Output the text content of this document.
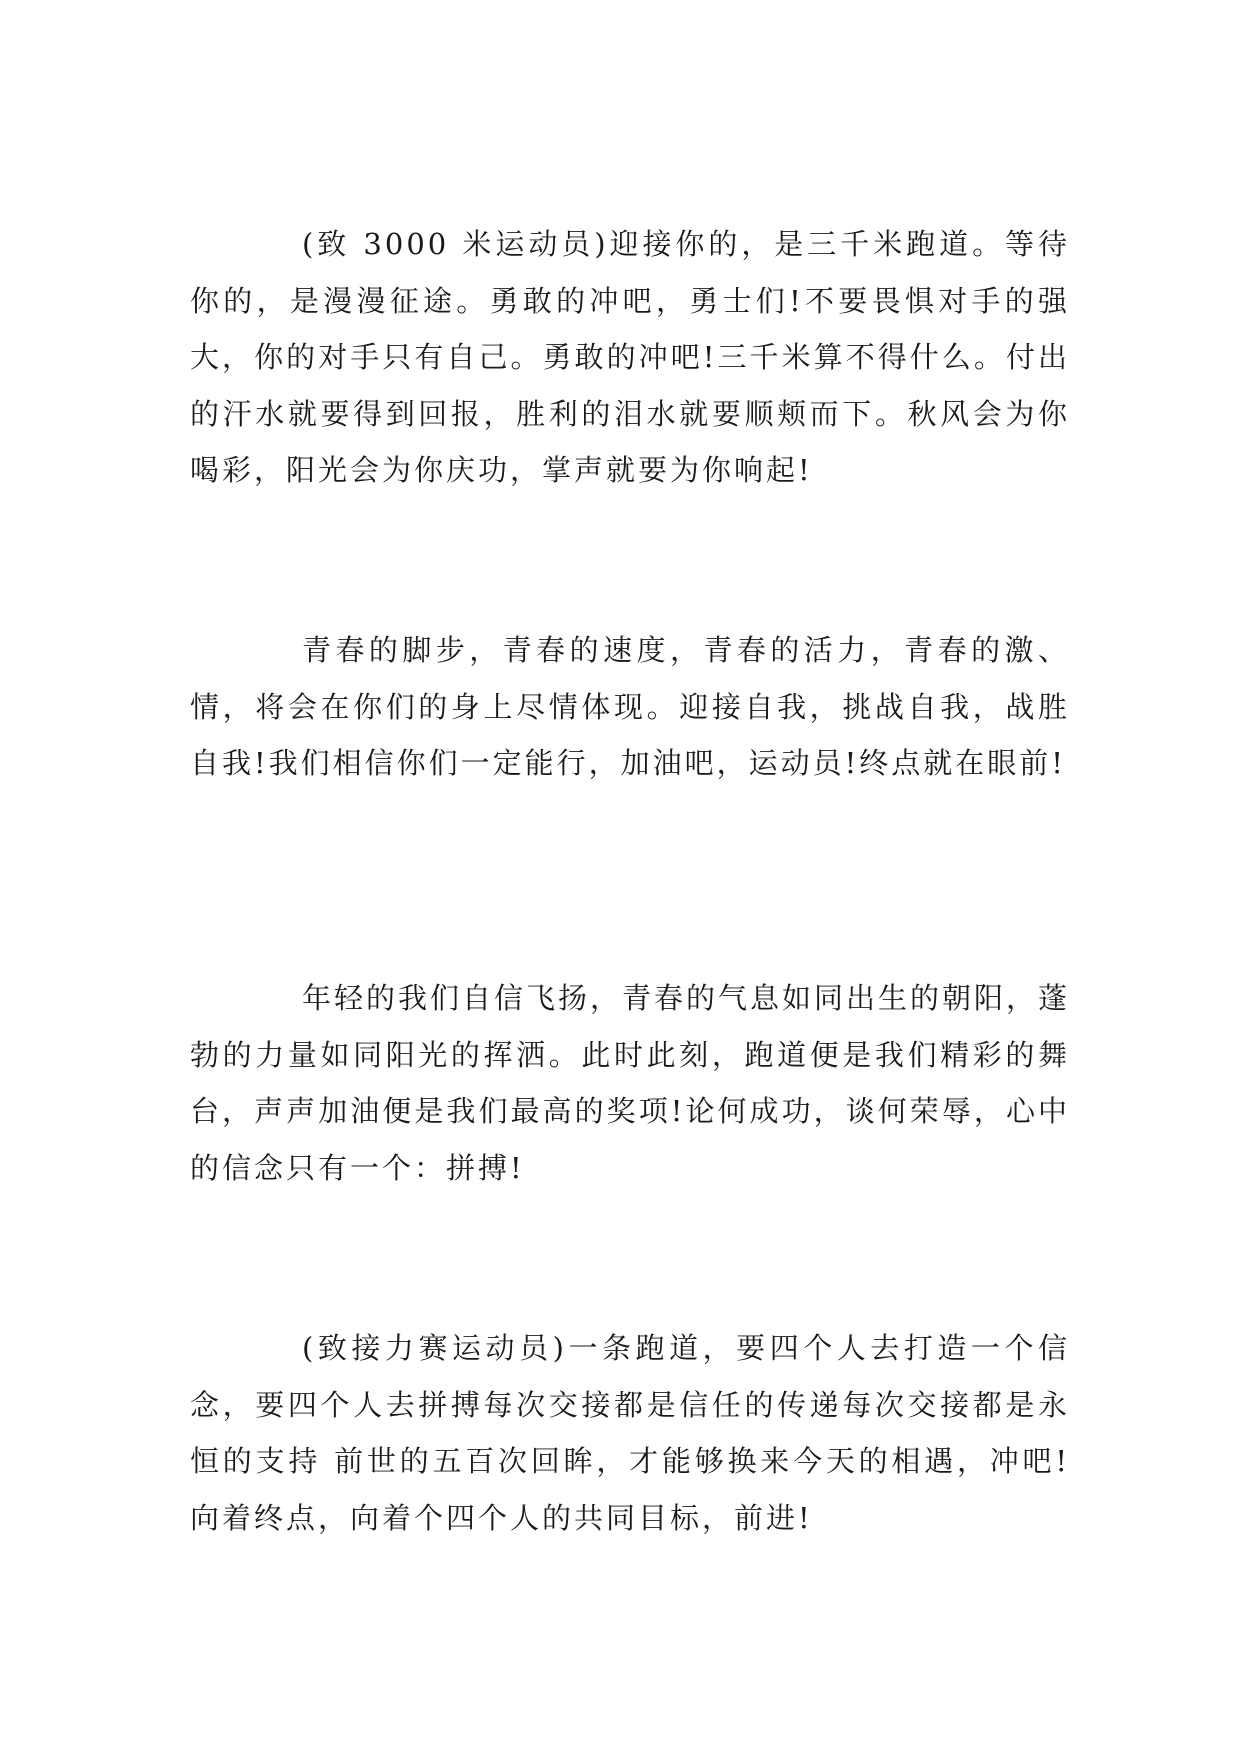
(致 3000 米运动员)迎接你的，是三千米跑道。等待你的，是漫漫征途。勇敢的冲吧，勇士们!不要畏惧对手的强大，你的对手只有自己。勇敢的冲吧!三千米算不得什么。付出的汗水就要得到回报，胜利的泪水就要顺颊而下。秋风会为你喝彩，阳光会为你庆功，掌声就要为你响起!

青春的脚步，青春的速度，青春的活力，青春的激、情，将会在你们的身上尽情体现。迎接自我，挑战自我，战胜自我!我们相信你们一定能行，加油吧，运动员!终点就在眼前!

年轻的我们自信飞扬，青春的气息如同出生的朝阳，蓬勃的力量如同阳光的挥洒。此时此刻，跑道便是我们精彩的舞台，声声加油便是我们最高的奖项!论何成功，谈何荣辱，心中的信念只有一个：拼搏!

(致接力赛运动员)一条跑道，要四个人去打造一个信念，要四个人去拼搏每次交接都是信任的传递每次交接都是永恒的支持 前世的五百次回眸，才能够换来今天的相遇，冲吧!向着终点，向着个四个人的共同目标，前进!
